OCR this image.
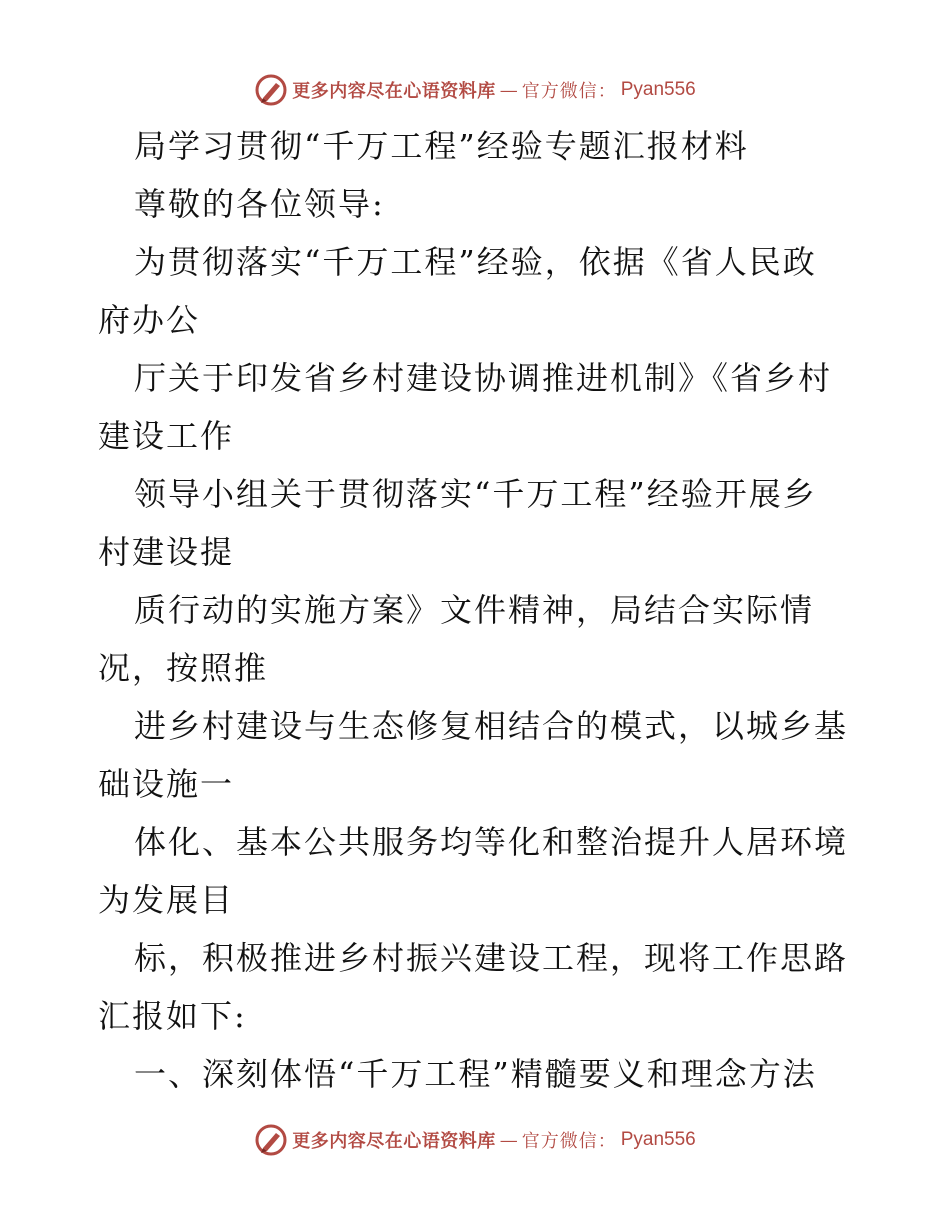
更多内容尽在心语资料库 — 官方微信： Pyan556
局学习贯彻“千万工程”经验专题汇报材料
尊敬的各位领导:
为贯彻落实“千万工程”经验，依据《省人民政
府办公
厅关于印发省乡村建设协调推进机制》《省乡村
建设工作
领导小组关于贯彻落实“千万工程”经验开展乡
村建设提
质行动的实施方案》文件精神，局结合实际情
况，按照推
进乡村建设与生态修复相结合的模式，以城乡基
础设施一
体化、基本公共服务均等化和整治提升人居环境
为发展目
标，积极推进乡村振兴建设工程，现将工作思路
汇报如下:
一、深刻体悟“千万工程”精髓要义和理念方法
更多内容尽在心语资料库 — 官方微信： Pyan556
